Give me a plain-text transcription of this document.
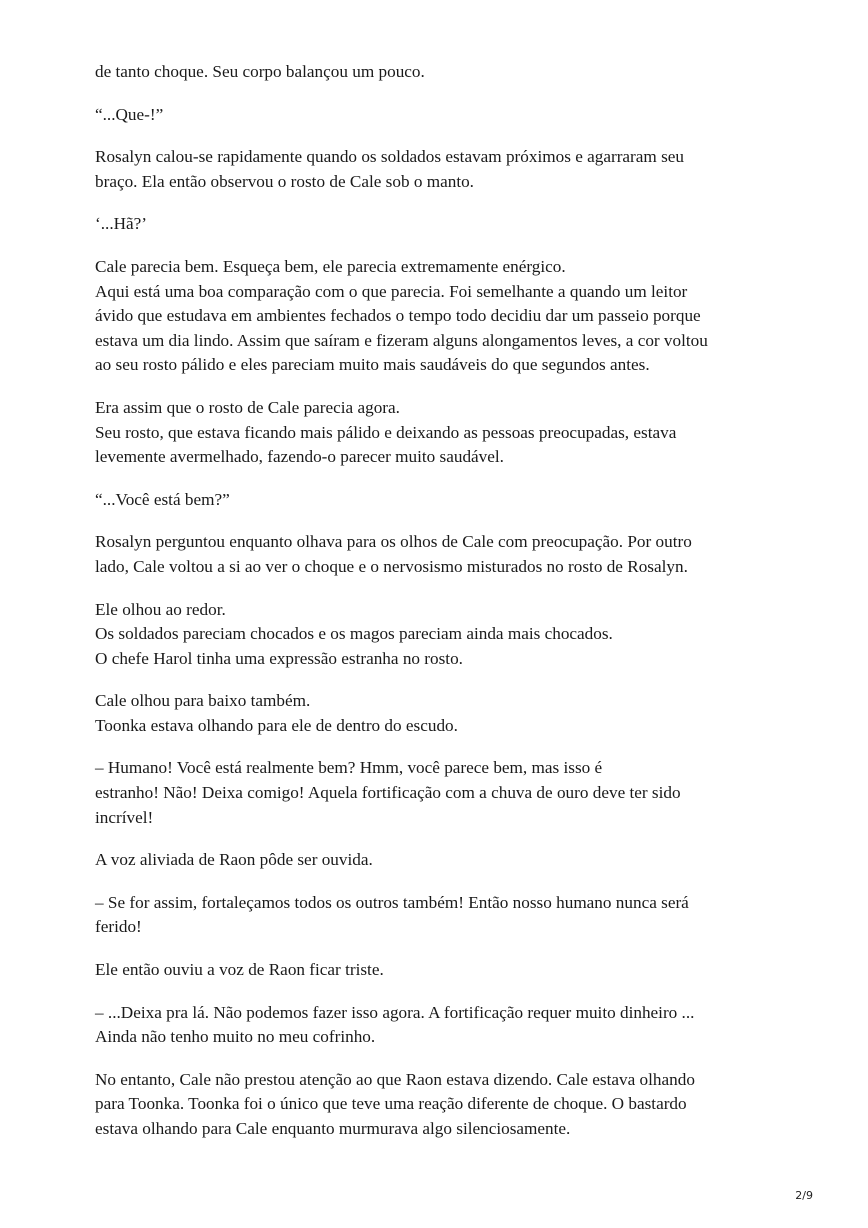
de tanto choque. Seu corpo balançou um pouco.

“...Que-!”

Rosalyn calou-se rapidamente quando os soldados estavam próximos e agarraram seu
braço. Ela então observou o rosto de Cale sob o manto.

‘...Hã?’

Cale parecia bem. Esqueça bem, ele parecia extremamente enérgico.
Aqui está uma boa comparação com o que parecia. Foi semelhante a quando um leitor
ávido que estudava em ambientes fechados o tempo todo decidiu dar um passeio porque
estava um dia lindo. Assim que saíram e fizeram alguns alongamentos leves, a cor voltou
ao seu rosto pálido e eles pareciam muito mais saudáveis do que segundos antes.

Era assim que o rosto de Cale parecia agora.
Seu rosto, que estava ficando mais pálido e deixando as pessoas preocupadas, estava
levemente avermelhado, fazendo-o parecer muito saudável.

“...Você está bem?”

Rosalyn perguntou enquanto olhava para os olhos de Cale com preocupação. Por outro
lado, Cale voltou a si ao ver o choque e o nervosismo misturados no rosto de Rosalyn.

Ele olhou ao redor.
Os soldados pareciam chocados e os magos pareciam ainda mais chocados.
O chefe Harol tinha uma expressão estranha no rosto.

Cale olhou para baixo também.
Toonka estava olhando para ele de dentro do escudo.

– Humano! Você está realmente bem? Hmm, você parece bem, mas isso é
estranho! Não! Deixa comigo! Aquela fortificação com a chuva de ouro deve ter sido
incrível!

A voz aliviada de Raon pôde ser ouvida.

– Se for assim, fortaleçamos todos os outros também! Então nosso humano nunca será
ferido!

Ele então ouviu a voz de Raon ficar triste.

– ...Deixa pra lá. Não podemos fazer isso agora. A fortificação requer muito dinheiro ...
Ainda não tenho muito no meu cofrinho.

No entanto, Cale não prestou atenção ao que Raon estava dizendo. Cale estava olhando
para Toonka. Toonka foi o único que teve uma reação diferente de choque. O bastardo
estava olhando para Cale enquanto murmurava algo silenciosamente.

2/9
